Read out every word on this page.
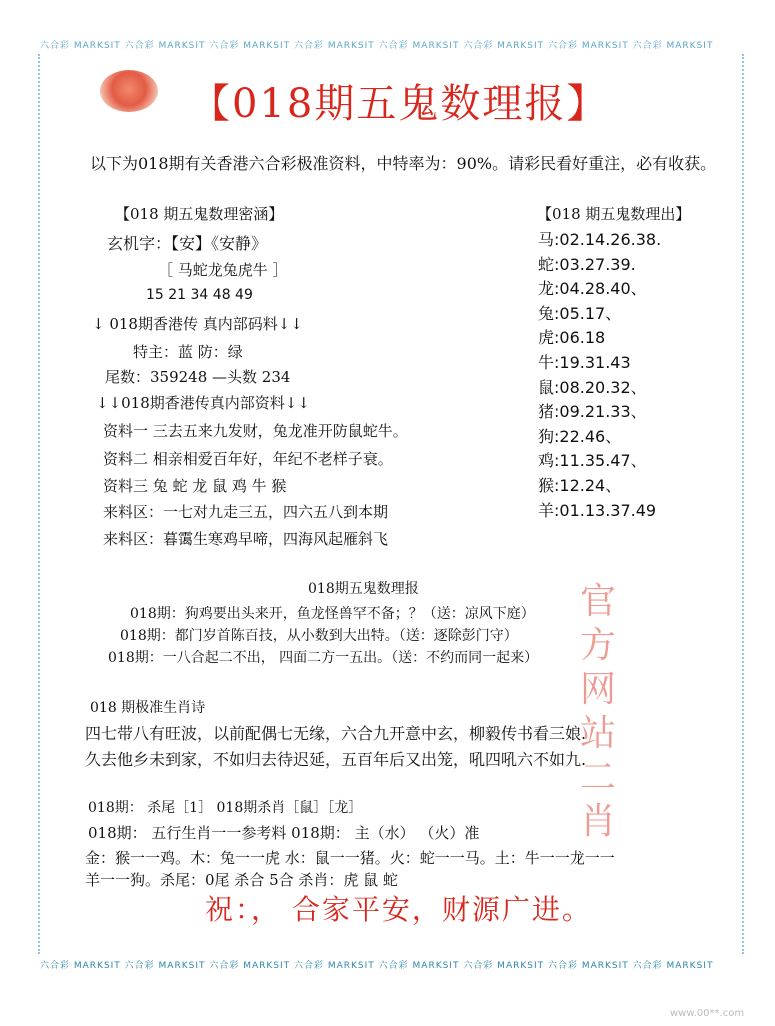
六合彩 MARKSIT 六合彩 MARKSIT 六合彩 MARKSIT 六合彩 MARKSIT 六合彩 MARKSIT 六合彩 MARKSIT 六合彩 MARKSIT 六合彩 MARKSIT
六合彩 MARKSIT 六合彩 MARKSIT 六合彩 MARKSIT 六合彩 MARKSIT 六合彩 MARKSIT 六合彩 MARKSIT 六合彩 MARKSIT 六合彩 MARKSIT
【018期五鬼数理报】
以下为018期有关香港六合彩极准资料，中特率为：90%。请彩民看好重注，必有收获。
【018 期五鬼数理密涵】
玄机字：【安】《安静》
［ 马蛇龙兔虎牛 ］
15 21 34 48 49
↓ 018期香港传 真内部码料↓↓
特主：蓝 防：绿
尾数：359248 —头数 234
↓↓018期香港传真内部资料↓↓
资料一 三去五来九发财，兔龙准开防鼠蛇牛。
资料二 相亲相爱百年好，年纪不老样子衰。
资料三 兔 蛇 龙 鼠 鸡 牛 猴
来料区：一七对九走三五，四六五八到本期
来料区：暮霭生寒鸡早啼，四海风起雁斜飞
【018 期五鬼数理出】
马:02.14.26.38.
蛇:03.27.39.
龙:04.28.40、
兔:05.17、
虎:06.18
牛:19.31.43
鼠:08.20.32、
猪:09.21.33、
狗:22.46、
鸡:11.35.47、
猴:12.24、
羊:01.13.37.49
018期五鬼数理报
018期：狗鸡要出头来开，鱼龙怪兽罕不备；？（送：凉风下庭）
018期：都门岁首陈百技，从小数到大出特。（送：逐除彭门守）
018期：一八合起二不出， 四面二方一五出。（送：不约而同一起来）
官方网站二肖
018 期极准生肖诗
四七带八有旺波，以前配偶七无缘，六合九开意中玄，柳毅传书看三娘.
久去他乡未到家，不如归去待迟延，五百年后又出笼，吼四吼六不如九.
018期： 杀尾［1］ 018期杀肖［鼠］［龙］
018期： 五行生肖一一参考料 018期： 主（水） （火）准
金：猴一一鸡。木：兔一一虎 水：鼠一一猪。火：蛇一一马。土：牛一一龙一一
羊一一狗。杀尾：0尾 杀合 5合 杀肖：虎 鼠 蛇
祝：， 合家平安，财源广进。
www.00**.com
